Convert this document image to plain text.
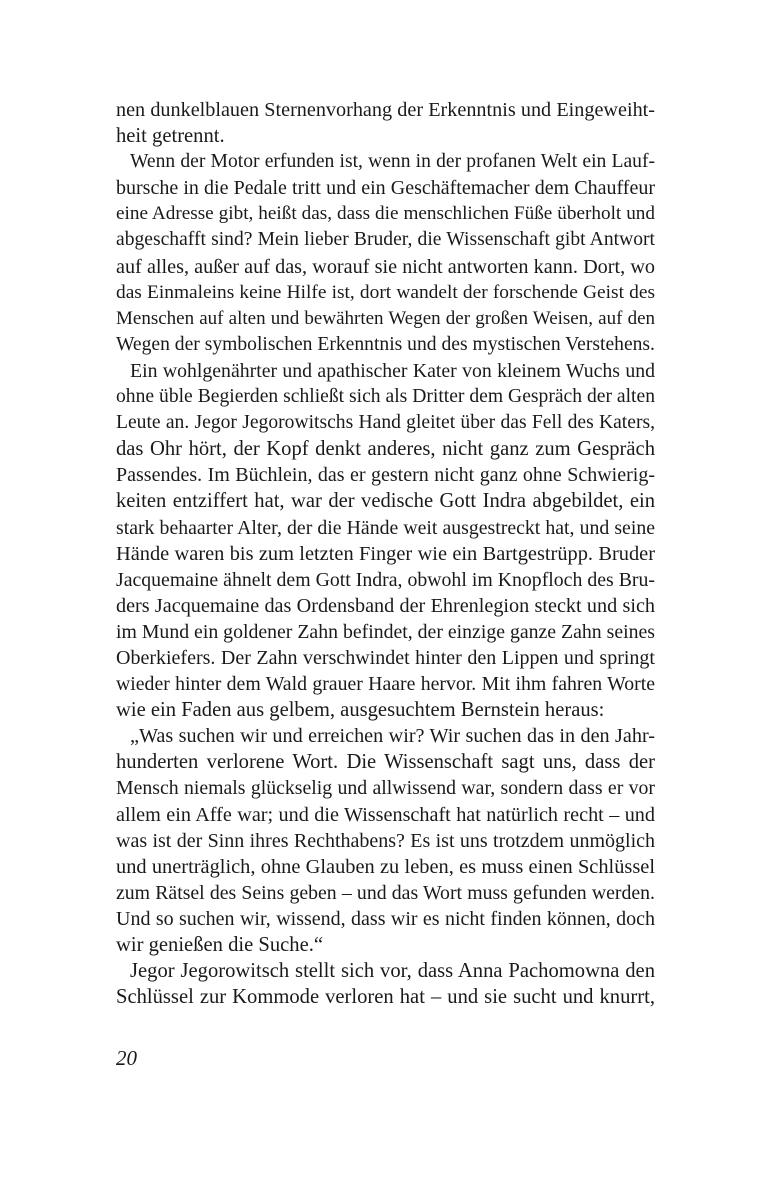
nen dunkelblauen Sternenvorhang der Erkenntnis und Eingeweiht-
heit getrennt.
Wenn der Motor erfunden ist, wenn in der profanen Welt ein Lauf-
bursche in die Pedale tritt und ein Geschäftemacher dem Chauffeur
eine Adresse gibt, heißt das, dass die menschlichen Füße überholt und
abgeschafft sind? Mein lieber Bruder, die Wissenschaft gibt Antwort
auf alles, außer auf das, worauf sie nicht antworten kann. Dort, wo
das Einmaleins keine Hilfe ist, dort wandelt der forschende Geist des
Menschen auf alten und bewährten Wegen der großen Weisen, auf den
Wegen der symbolischen Erkenntnis und des mystischen Verstehens.
Ein wohlgenährter und apathischer Kater von kleinem Wuchs und
ohne üble Begierden schließt sich als Dritter dem Gespräch der alten
Leute an. Jegor Jegorowitschs Hand gleitet über das Fell des Katers,
das Ohr hört, der Kopf denkt anderes, nicht ganz zum Gespräch
Passendes. Im Büchlein, das er gestern nicht ganz ohne Schwierig-
keiten entziffert hat, war der vedische Gott Indra abgebildet, ein
stark behaarter Alter, der die Hände weit ausgestreckt hat, und seine
Hände waren bis zum letzten Finger wie ein Bartgestrüpp. Bruder
Jacquemaine ähnelt dem Gott Indra, obwohl im Knopfloch des Bru-
ders Jacquemaine das Ordensband der Ehrenlegion steckt und sich
im Mund ein goldener Zahn befindet, der einzige ganze Zahn seines
Oberkiefers. Der Zahn verschwindet hinter den Lippen und springt
wieder hinter dem Wald grauer Haare hervor. Mit ihm fahren Worte
wie ein Faden aus gelbem, ausgesuchtem Bernstein heraus:
„Was suchen wir und erreichen wir? Wir suchen das in den Jahr-
hunderten verlorene Wort. Die Wissenschaft sagt uns, dass der
Mensch niemals glückselig und allwissend war, sondern dass er vor
allem ein Affe war; und die Wissenschaft hat natürlich recht – und
was ist der Sinn ihres Rechthabens? Es ist uns trotzdem unmöglich
und unerträglich, ohne Glauben zu leben, es muss einen Schlüssel
zum Rätsel des Seins geben – und das Wort muss gefunden werden.
Und so suchen wir, wissend, dass wir es nicht finden können, doch
wir genießen die Suche.“
Jegor Jegorowitsch stellt sich vor, dass Anna Pachomowna den
Schlüssel zur Kommode verloren hat – und sie sucht und knurrt,
20
